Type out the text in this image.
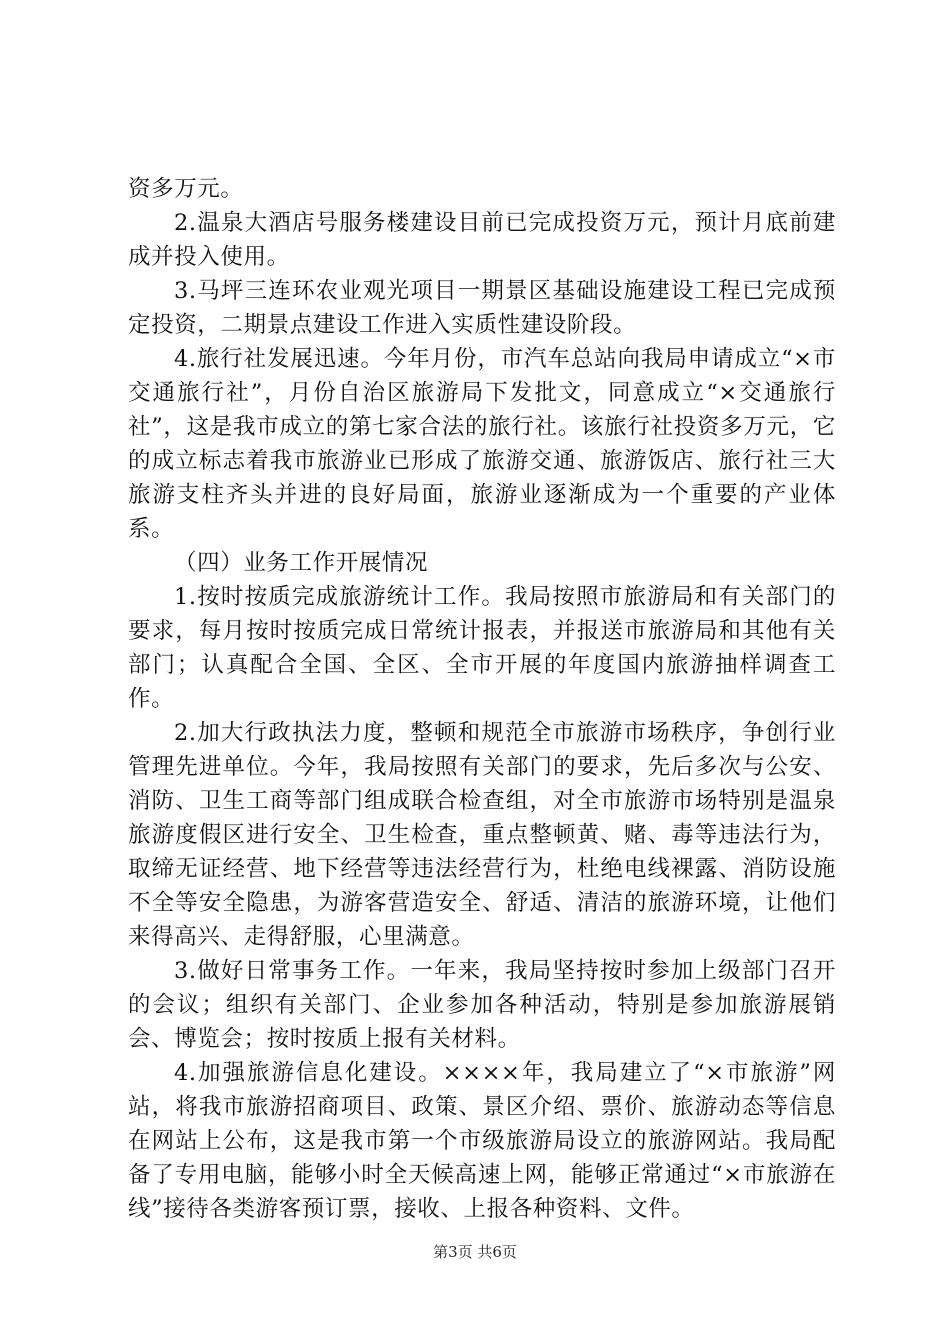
资多万元。

2.温泉大酒店号服务楼建设目前已完成投资万元，预计月底前建成并投入使用。

3.马坪三连环农业观光项目一期景区基础设施建设工程已完成预定投资，二期景点建设工作进入实质性建设阶段。

4.旅行社发展迅速。今年月份，市汽车总站向我局申请成立“×市交通旅行社”，月份自治区旅游局下发批文，同意成立“×交通旅行社”，这是我市成立的第七家合法的旅行社。该旅行社投资多万元，它的成立标志着我市旅游业已形成了旅游交通、旅游饭店、旅行社三大旅游支柱齐头并进的良好局面，旅游业逐渐成为一个重要的产业体系。

（四）业务工作开展情况

1.按时按质完成旅游统计工作。我局按照市旅游局和有关部门的要求，每月按时按质完成日常统计报表，并报送市旅游局和其他有关部门；认真配合全国、全区、全市开展的年度国内旅游抽样调查工作。

2.加大行政执法力度，整顿和规范全市旅游市场秩序，争创行业管理先进单位。今年，我局按照有关部门的要求，先后多次与公安、消防、卫生工商等部门组成联合检查组，对全市旅游市场特别是温泉旅游度假区进行安全、卫生检查，重点整顿黄、赌、毒等违法行为，取缔无证经营、地下经营等违法经营行为，杜绝电线裸露、消防设施不全等安全隐患，为游客营造安全、舒适、清洁的旅游环境，让他们来得高兴、走得舒服，心里满意。

3.做好日常事务工作。一年来，我局坚持按时参加上级部门召开的会议；组织有关部门、企业参加各种活动，特别是参加旅游展销会、博览会；按时按质上报有关材料。

4.加强旅游信息化建设。××××年，我局建立了“×市旅游”网站，将我市旅游招商项目、政策、景区介绍、票价、旅游动态等信息在网站上公布，这是我市第一个市级旅游局设立的旅游网站。我局配备了专用电脑，能够小时全天候高速上网，能够正常通过“×市旅游在线”接待各类游客预订票，接收、上报各种资料、文件。

第3页 共6页
